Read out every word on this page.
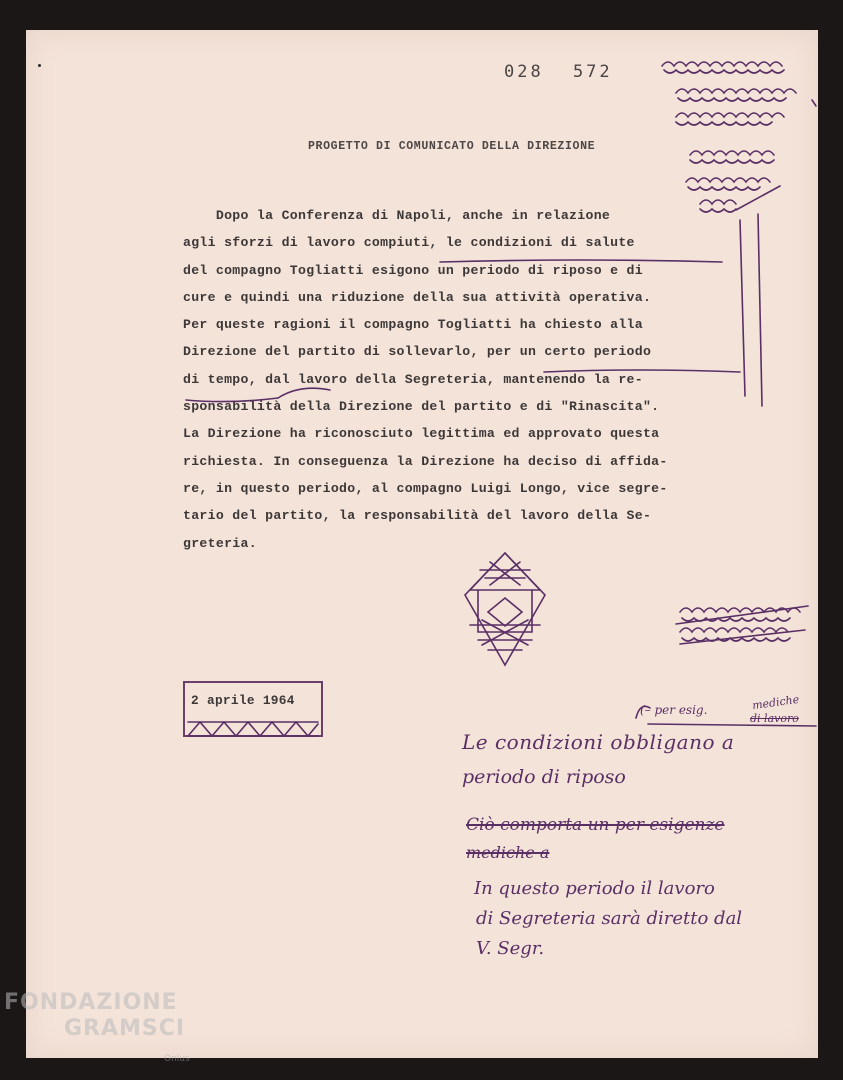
028 572
PROGETTO DI COMUNICATO DELLA DIREZIONE
Dopo la Conferenza di Napoli, anche in relazione
agli sforzi di lavoro compiuti, le condizioni di salute
del compagno Togliatti esigono un periodo di riposo e di
cure e quindi una riduzione della sua attività operativa.
Per queste ragioni il compagno Togliatti ha chiesto alla
Direzione del partito di sollevarlo, per un certo periodo
di tempo, dal lavoro della Segreteria, mantenendo la re-
sponsabilità della Direzione del partito e di "Rinascita".
La Direzione ha riconosciuto legittima ed approvato questa
richiesta. In conseguenza la Direzione ha deciso di affida-
re, in questo periodo, al compagno Luigi Longo, vice segre-
tario del partito, la responsabilità del lavoro della Se-
greteria.
2 aprile 1964	mediche
(– per esig.
di lavoro
Le condizioni obbligano a
periodo di riposo
Ciò comporta un per esigenze
mediche a
In questo periodo il lavoro
di Segreteria sarà diretto dal
V. Segr.
FONDAZIONE
GRAMSCI
Onlus
